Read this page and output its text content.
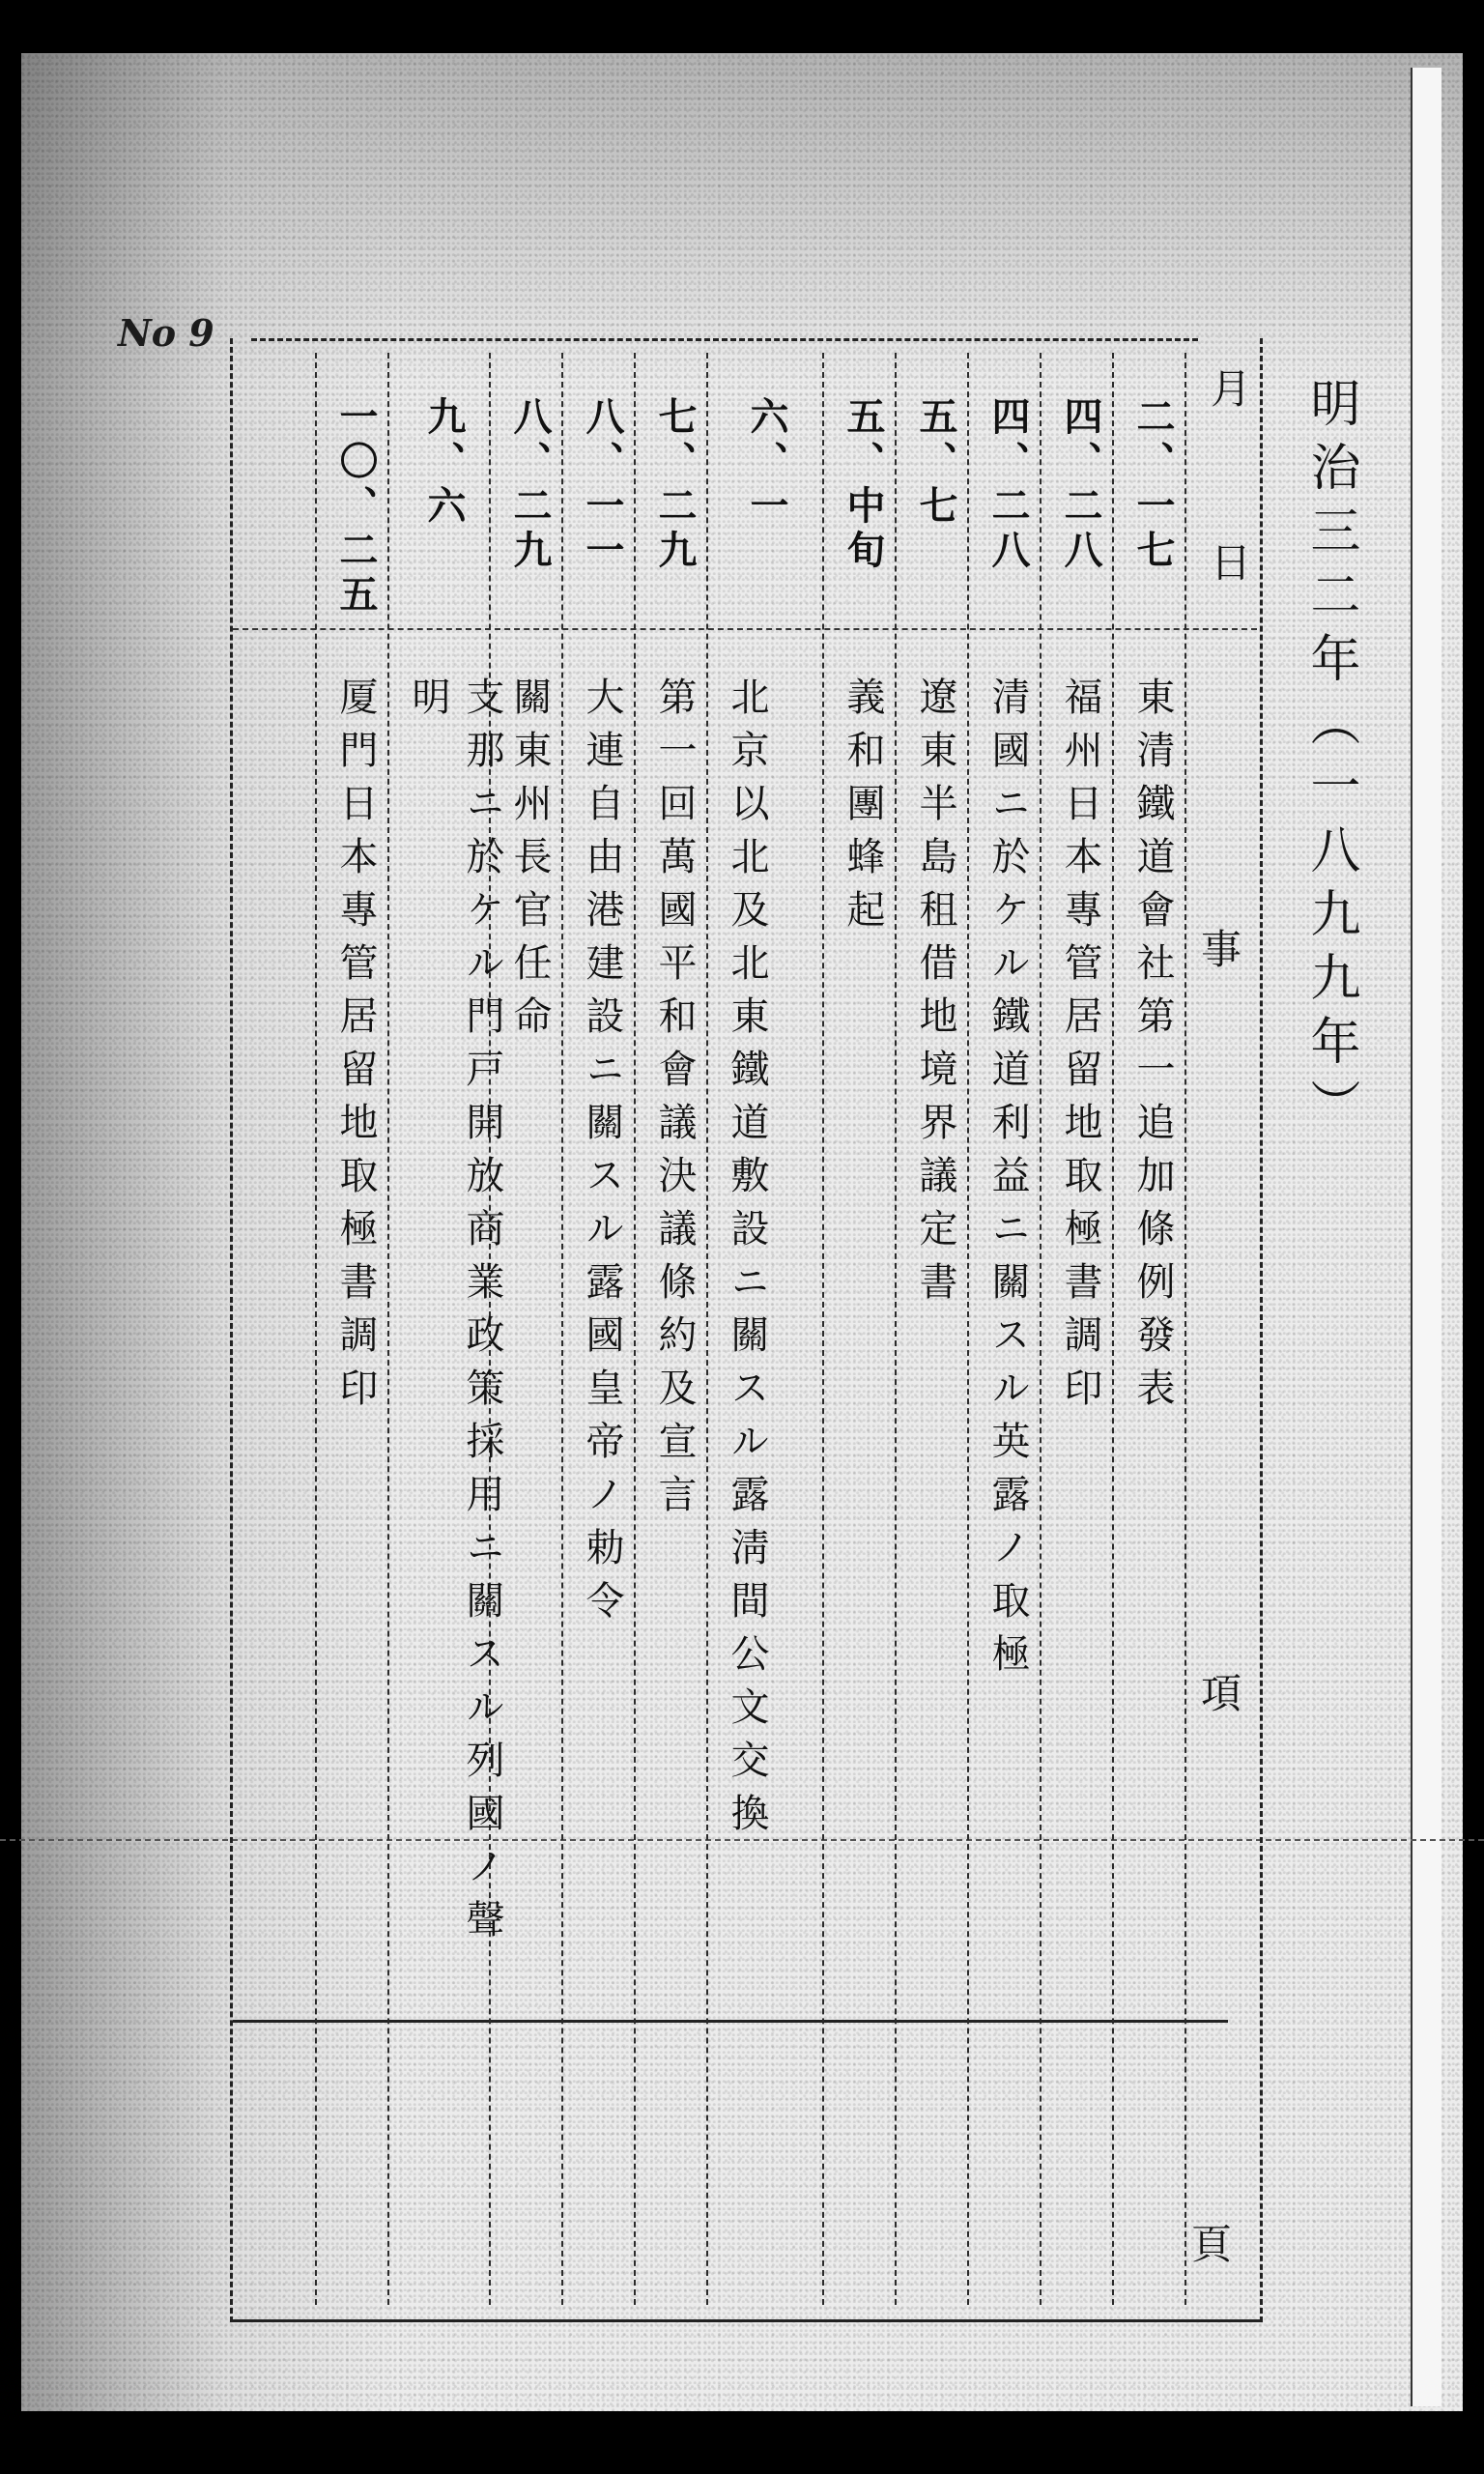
No 9
明治三二年（一八九九年）
月
日
事
項
頁
二、一七
東清鐵道會社第一追加條例發表
四、二八
福州日本專管居留地取極書調印
四、二八
清國ニ於ケル鐵道利益ニ關スル英露ノ取極
五、七
遼東半島租借地境界議定書
五、中旬
義和團蜂起
六、一
北京以北及北東鐵道敷設ニ關スル露淸間公文交換
七、二九
第一回萬國平和會議決議條約及宣言
八、一一
大連自由港建設ニ關スル露國皇帝ノ勅令
八、二九
關東州長官任命
九、六
支那ニ於ケル門戸開放商業政策採用ニ關スル列國ノ聲明
一〇、二五
厦門日本專管居留地取極書調印
